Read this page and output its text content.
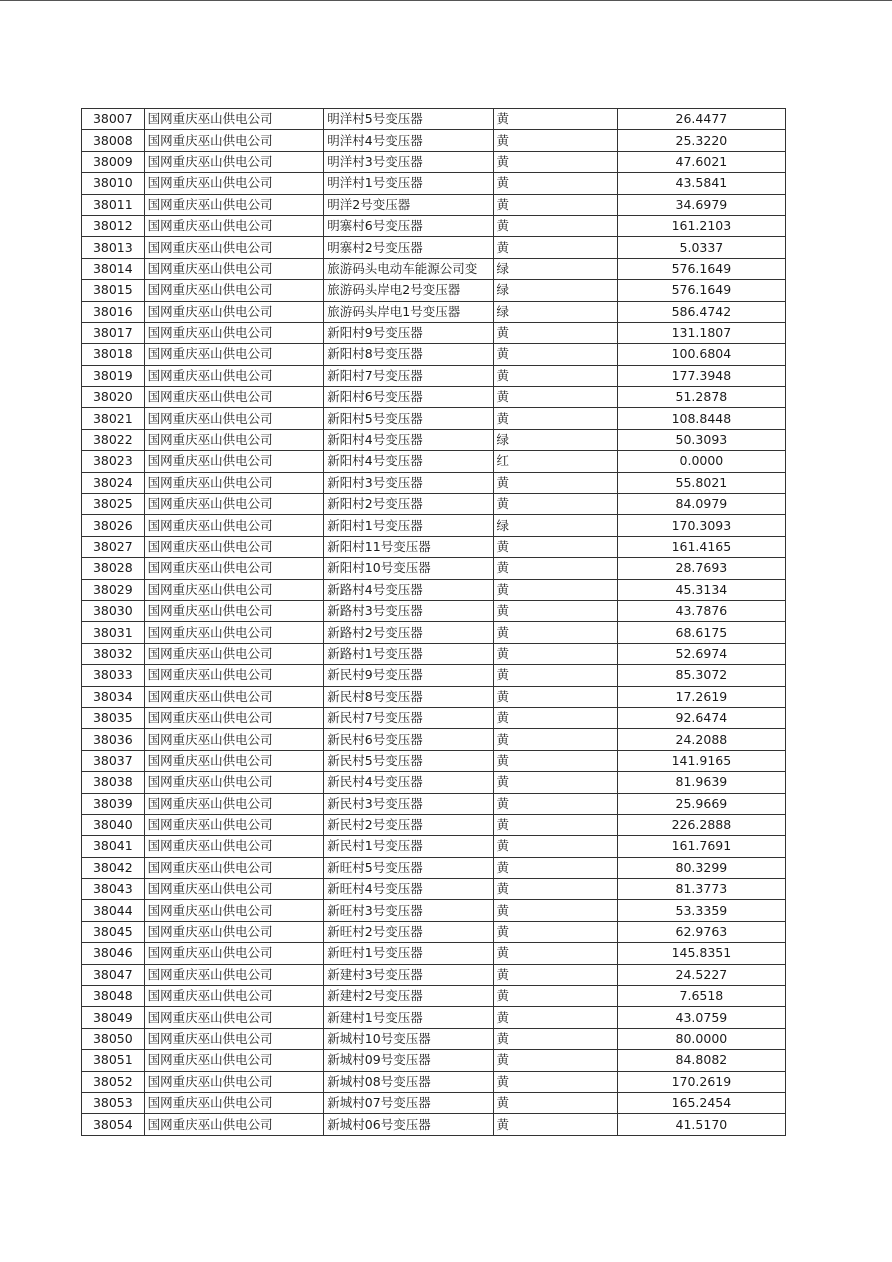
38007	国网重庆巫山供电公司	明洋村5号变压器	黄	26.4477
38008	国网重庆巫山供电公司	明洋村4号变压器	黄	25.3220
38009	国网重庆巫山供电公司	明洋村3号变压器	黄	47.6021
38010	国网重庆巫山供电公司	明洋村1号变压器	黄	43.5841
38011	国网重庆巫山供电公司	明洋2号变压器	黄	34.6979
38012	国网重庆巫山供电公司	明寨村6号变压器	黄	161.2103
38013	国网重庆巫山供电公司	明寨村2号变压器	黄	5.0337
38014	国网重庆巫山供电公司	旅游码头电动车能源公司变	绿	576.1649
38015	国网重庆巫山供电公司	旅游码头岸电2号变压器	绿	576.1649
38016	国网重庆巫山供电公司	旅游码头岸电1号变压器	绿	586.4742
38017	国网重庆巫山供电公司	新阳村9号变压器	黄	131.1807
38018	国网重庆巫山供电公司	新阳村8号变压器	黄	100.6804
38019	国网重庆巫山供电公司	新阳村7号变压器	黄	177.3948
38020	国网重庆巫山供电公司	新阳村6号变压器	黄	51.2878
38021	国网重庆巫山供电公司	新阳村5号变压器	黄	108.8448
38022	国网重庆巫山供电公司	新阳村4号变压器	绿	50.3093
38023	国网重庆巫山供电公司	新阳村4号变压器	红	0.0000
38024	国网重庆巫山供电公司	新阳村3号变压器	黄	55.8021
38025	国网重庆巫山供电公司	新阳村2号变压器	黄	84.0979
38026	国网重庆巫山供电公司	新阳村1号变压器	绿	170.3093
38027	国网重庆巫山供电公司	新阳村11号变压器	黄	161.4165
38028	国网重庆巫山供电公司	新阳村10号变压器	黄	28.7693
38029	国网重庆巫山供电公司	新路村4号变压器	黄	45.3134
38030	国网重庆巫山供电公司	新路村3号变压器	黄	43.7876
38031	国网重庆巫山供电公司	新路村2号变压器	黄	68.6175
38032	国网重庆巫山供电公司	新路村1号变压器	黄	52.6974
38033	国网重庆巫山供电公司	新民村9号变压器	黄	85.3072
38034	国网重庆巫山供电公司	新民村8号变压器	黄	17.2619
38035	国网重庆巫山供电公司	新民村7号变压器	黄	92.6474
38036	国网重庆巫山供电公司	新民村6号变压器	黄	24.2088
38037	国网重庆巫山供电公司	新民村5号变压器	黄	141.9165
38038	国网重庆巫山供电公司	新民村4号变压器	黄	81.9639
38039	国网重庆巫山供电公司	新民村3号变压器	黄	25.9669
38040	国网重庆巫山供电公司	新民村2号变压器	黄	226.2888
38041	国网重庆巫山供电公司	新民村1号变压器	黄	161.7691
38042	国网重庆巫山供电公司	新旺村5号变压器	黄	80.3299
38043	国网重庆巫山供电公司	新旺村4号变压器	黄	81.3773
38044	国网重庆巫山供电公司	新旺村3号变压器	黄	53.3359
38045	国网重庆巫山供电公司	新旺村2号变压器	黄	62.9763
38046	国网重庆巫山供电公司	新旺村1号变压器	黄	145.8351
38047	国网重庆巫山供电公司	新建村3号变压器	黄	24.5227
38048	国网重庆巫山供电公司	新建村2号变压器	黄	7.6518
38049	国网重庆巫山供电公司	新建村1号变压器	黄	43.0759
38050	国网重庆巫山供电公司	新城村10号变压器	黄	80.0000
38051	国网重庆巫山供电公司	新城村09号变压器	黄	84.8082
38052	国网重庆巫山供电公司	新城村08号变压器	黄	170.2619
38053	国网重庆巫山供电公司	新城村07号变压器	黄	165.2454
38054	国网重庆巫山供电公司	新城村06号变压器	黄	41.5170
